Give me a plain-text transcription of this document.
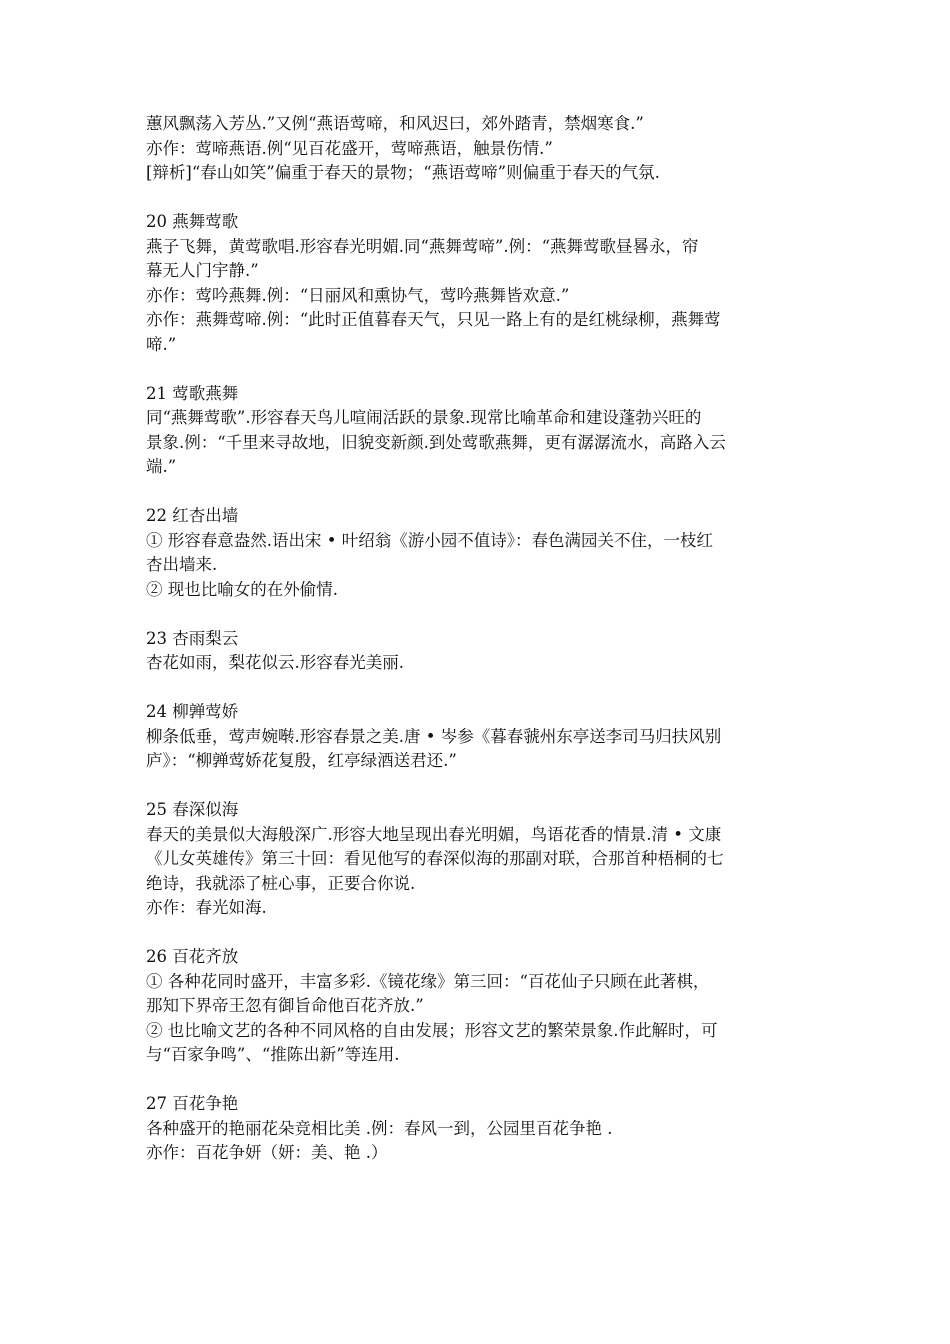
蕙风飘荡入芳丛.”又例“燕语莺啼，和风迟曰，郊外踏青，禁烟寒食.”
亦作：莺啼燕语.例“见百花盛开，莺啼燕语，触景伤情.”
[辩析]“春山如笑”偏重于春天的景物；“燕语莺啼”则偏重于春天的气氛.
20 燕舞莺歌
燕子飞舞，黄莺歌唱.形容春光明媚.同“燕舞莺啼”.例：“燕舞莺歌昼晷永，帘
幕无人门宇静.”
亦作：莺吟燕舞.例：“日丽风和熏协气，莺吟燕舞皆欢意.”
亦作：燕舞莺啼.例：“此时正值暮春天气，只见一路上有的是红桃绿柳，燕舞莺
啼.”
21 莺歌燕舞
同“燕舞莺歌”.形容春天鸟儿喧闹活跃的景象.现常比喻革命和建设蓬勃兴旺的
景象.例：“千里来寻故地，旧貌变新颜.到处莺歌燕舞，更有潺潺流水，高路入云
端.”
22 红杏出墙
① 形容春意盎然.语出宋 • 叶绍翁《游小园不值诗》：春色满园关不住，一枝红
杏出墙来.
② 现也比喻女的在外偷情.
23 杏雨梨云
杏花如雨，梨花似云.形容春光美丽.
24 柳亸莺娇
柳条低垂，莺声婉啭.形容春景之美.唐 • 岑参《暮春虢州东亭送李司马归扶风别
庐》：“柳亸莺娇花复殷，红亭绿酒送君还.”
25 春深似海
春天的美景似大海般深广.形容大地呈现出春光明媚，鸟语花香的情景.清 • 文康
《儿女英雄传》第三十回：看见他写的春深似海的那副对联，合那首种梧桐的七
绝诗，我就添了桩心事，正要合你说.
亦作：春光如海.
26 百花齐放
① 各种花同时盛开，丰富多彩.《镜花缘》第三回：“百花仙子只顾在此著棋，
那知下界帝王忽有御旨命他百花齐放.”
② 也比喻文艺的各种不同风格的自由发展；形容文艺的繁荣景象.作此解时，可
与“百家争鸣”、“推陈出新”等连用.
27 百花争艳
各种盛开的艳丽花朵竞相比美 .例：春风一到，公园里百花争艳 .
亦作：百花争妍（妍：美、艳 .）
